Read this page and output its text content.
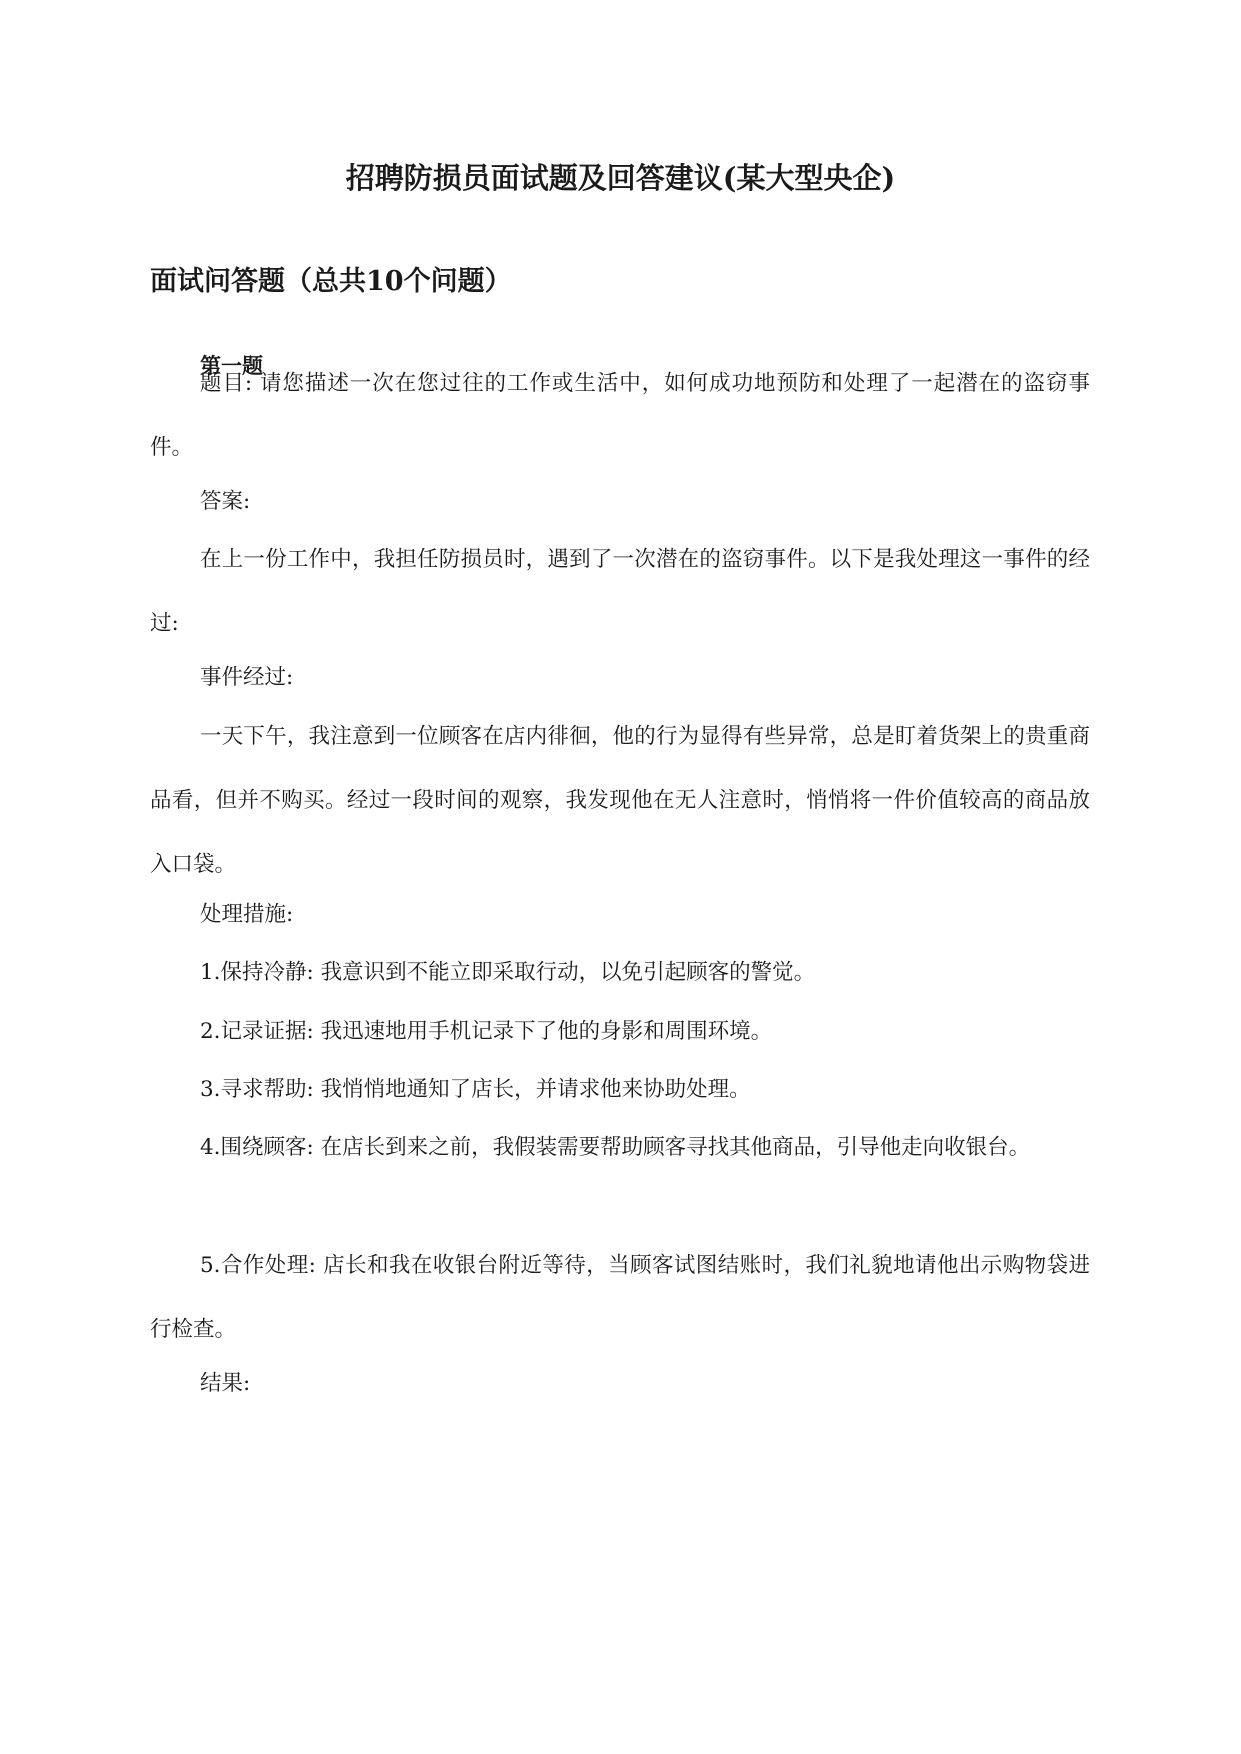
招聘防损员面试题及回答建议(某大型央企)
面试问答题（总共10个问题）
第一题

题目: 请您描述一次在您过往的工作或生活中，如何成功地预防和处理了一起潜在的盗窃事件。

答案:

在上一份工作中，我担任防损员时，遇到了一次潜在的盗窃事件。以下是我处理这一事件的经过:

事件经过:

一天下午，我注意到一位顾客在店内徘徊，他的行为显得有些异常，总是盯着货架上的贵重商品看，但并不购买。经过一段时间的观察，我发现他在无人注意时，悄悄将一件价值较高的商品放入口袋。

处理措施:

1.保持冷静: 我意识到不能立即采取行动，以免引起顾客的警觉。

2.记录证据: 我迅速地用手机记录下了他的身影和周围环境。

3.寻求帮助: 我悄悄地通知了店长，并请求他来协助处理。

4.围绕顾客: 在店长到来之前，我假装需要帮助顾客寻找其他商品，引导他走向收银台。

5.合作处理: 店长和我在收银台附近等待，当顾客试图结账时，我们礼貌地请他出示购物袋进行检查。

结果:
